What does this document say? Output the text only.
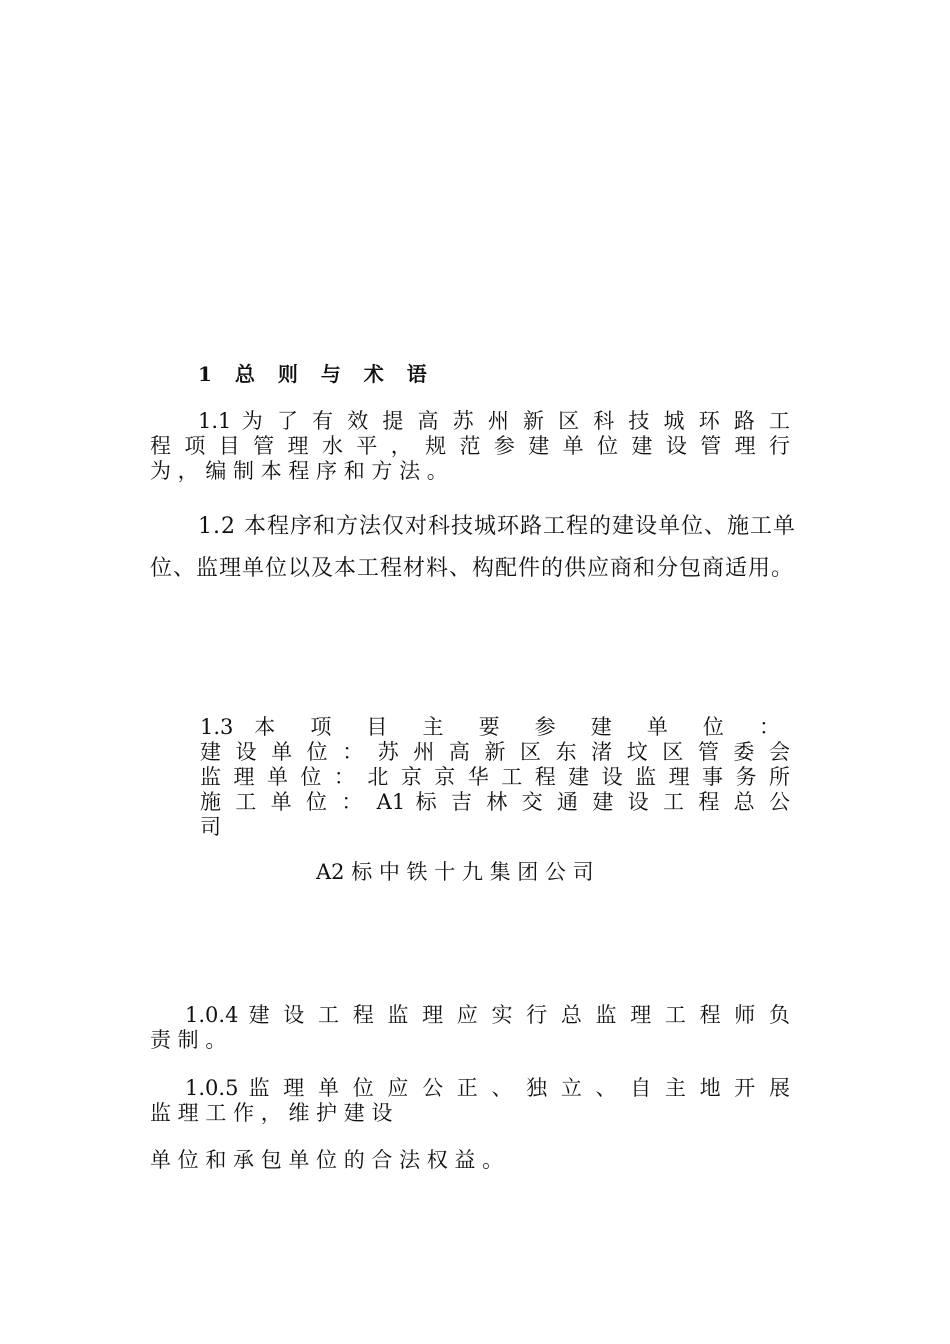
1 总 则 与 术 语
1.1 为 了 有 效 提 高 苏 州 新 区 科 技 城 环 路 工
程 项 目 管 理 水 平 ， 规 范 参 建 单 位 建 设 管 理 行
为 ， 编 制 本 程 序 和 方 法 。
1.2 本程序和方法仅对科技城环路工程的建设单位、施工单
位、监理单位以及本工程材料、构配件的供应商和分包商适用。
1.3 本 项 目 主 要 参 建 单 位 ：
建 设 单 位 ： 苏 州 高 新 区 东 渚 坟 区 管 委 会
监 理 单 位 ： 北 京 京 华 工 程 建 设 监 理 事 务 所
施 工 单 位 ： A1 标 吉 林 交 通 建 设 工 程 总 公
司
A2 标 中 铁 十 九 集 团 公 司
1.0.4 建 设 工 程 监 理 应 实 行 总 监 理 工 程 师 负
责 制 。
1.0.5 监 理 单 位 应 公 正 、 独 立 、 自 主 地 开 展
监 理 工 作 ， 维 护 建 设
单 位 和 承 包 单 位 的 合 法 权 益 。
